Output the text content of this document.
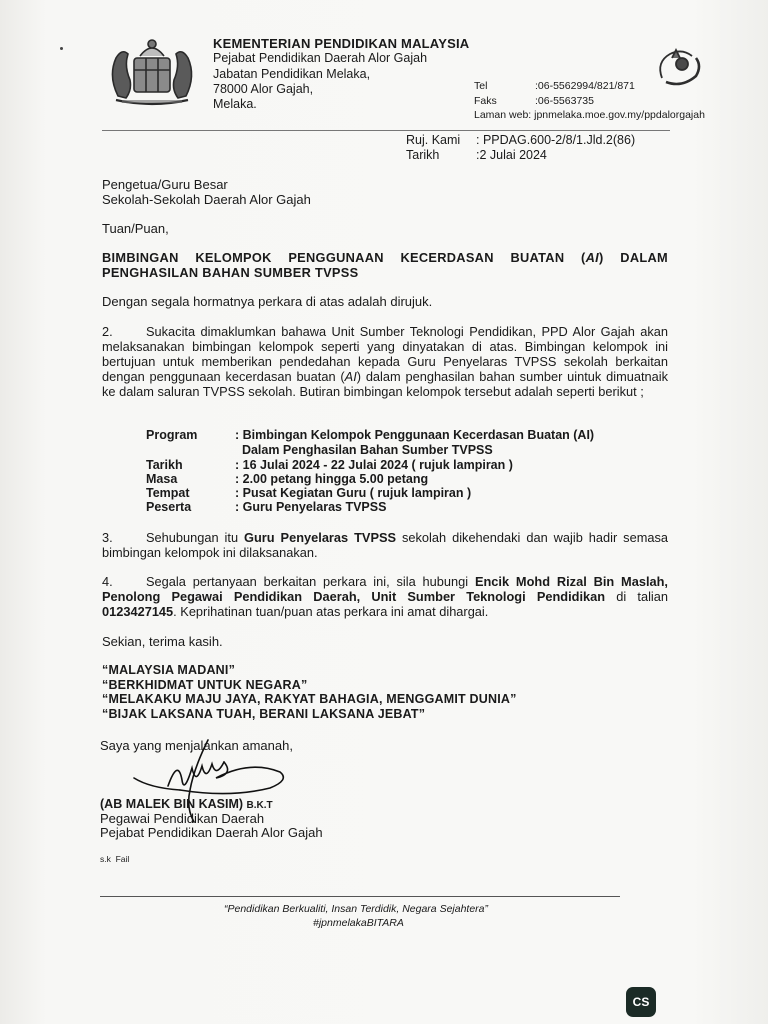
KEMENTERIAN PENDIDIKAN MALAYSIA
Pejabat Pendidikan Daerah Alor Gajah
Jabatan Pendidikan Melaka,
78000 Alor Gajah,
Melaka.
Tel	:06-5562994/821/871
Faks	:06-5563735
Laman web: jpnmelaka.moe.gov.my/ppdalorgajah
Ruj. Kami : PPDAG.600-2/8/1.Jld.2(86)
Tarikh	:2 Julai 2024
Pengetua/Guru Besar
Sekolah-Sekolah Daerah Alor Gajah
Tuan/Puan,
BIMBINGAN KELOMPOK PENGGUNAAN KECERDASAN BUATAN (AI) DALAM PENGHASILAN BAHAN SUMBER TVPSS
Dengan segala hormatnya perkara di atas adalah dirujuk.
2.	Sukacita dimaklumkan bahawa Unit Sumber Teknologi Pendidikan, PPD Alor Gajah akan melaksanakan bimbingan kelompok seperti yang dinyatakan di atas. Bimbingan kelompok ini bertujuan untuk memberikan pendedahan kepada Guru Penyelaras TVPSS sekolah berkaitan dengan penggunaan kecerdasan buatan (AI) dalam penghasilan bahan sumber uintuk dimuatnaik ke dalam saluran TVPSS sekolah. Butiran bimbingan kelompok tersebut adalah seperti berikut ;
Program	: Bimbingan Kelompok Penggunaan Kecerdasan Buatan (AI)
Dalam Penghasilan Bahan Sumber TVPSS
Tarikh	: 16 Julai 2024 - 22 Julai 2024 ( rujuk lampiran )
Masa	: 2.00 petang hingga 5.00 petang
Tempat	: Pusat Kegiatan Guru ( rujuk lampiran )
Peserta	: Guru Penyelaras TVPSS
3.	Sehubungan itu Guru Penyelaras TVPSS sekolah dikehendaki dan wajib hadir semasa bimbingan kelompok ini dilaksanakan.
4.	Segala pertanyaan berkaitan perkara ini, sila hubungi Encik Mohd Rizal Bin Maslah, Penolong Pegawai Pendidikan Daerah, Unit Sumber Teknologi Pendidikan di talian 0123427145. Keprihatinan tuan/puan atas perkara ini amat dihargai.
Sekian, terima kasih.
“MALAYSIA MADANI”
“BERKHIDMAT UNTUK NEGARA”
“MELAKAKU MAJU JAYA, RAKYAT BAHAGIA, MENGGAMIT DUNIA”
“BIJAK LAKSANA TUAH, BERANI LAKSANA JEBAT”
Saya yang menjalankan amanah,
(AB MALEK BIN KASIM) B.K.T
Pegawai Pendidikan Daerah
Pejabat Pendidikan Daerah Alor Gajah
s.k  Fail
“Pendidikan Berkualiti, Insan Terdidik, Negara Sejahtera”
#jpnmelakaBITARA
CS
